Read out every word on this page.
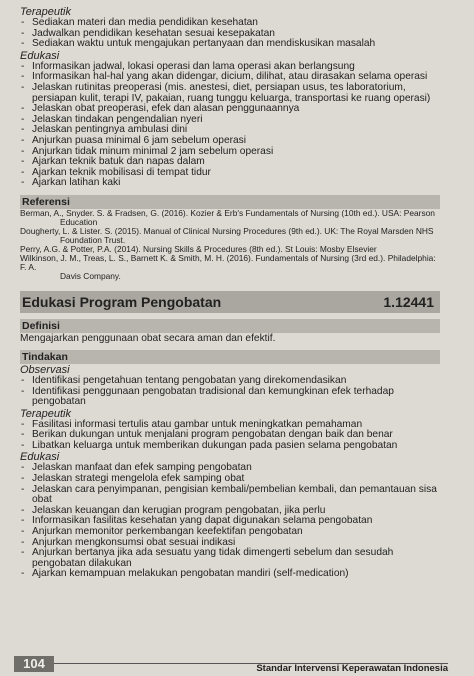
Terapeutik

- Sediakan materi dan media pendidikan kesehatan
- Jadwalkan pendidikan kesehatan sesuai kesepakatan
- Sediakan waktu untuk mengajukan pertanyaan dan mendiskusikan masalah

Edukasi

- Informasikan jadwal, lokasi operasi dan lama operasi akan berlangsung
- Informasikan hal-hal yang akan didengar, dicium, dilihat, atau dirasakan selama operasi
- Jelaskan rutinitas preoperasi (mis. anestesi, diet, persiapan usus, tes laboratorium, persiapan kulit, terapi IV, pakaian, ruang tunggu keluarga, transportasi ke ruang operasi)
- Jelaskan obat preoperasi, efek dan alasan penggunaannya
- Jelaskan tindakan pengendalian nyeri
- Jelaskan pentingnya ambulasi dini
- Anjurkan puasa minimal 6 jam sebelum operasi
- Anjurkan tidak minum minimal 2 jam sebelum operasi
- Ajarkan teknik batuk dan napas dalam
- Ajarkan teknik mobilisasi di tempat tidur
- Ajarkan latihan kaki

Referensi

Berman, A., Snyder. S. & Fradsen, G. (2016). Kozier & Erb's Fundamentals of Nursing (10th ed.). USA: Pearson
Education

Dougherty, L. & Lister. S. (2015). Manual of Clinical Nursing Procedures (9th ed.). UK: The Royal Marsden NHS
Foundation Trust.

Perry, A.G. & Potter, P.A. (2014). Nursing Skills & Procedures (8th ed.). St Louis: Mosby Elsevier

Wilkinson, J. M., Treas, L. S., Barnett K. & Smith, M. H. (2016). Fundamentals of Nursing (3rd ed.). Philadelphia: F. A.
Davis Company.

Edukasi Program Pengobatan	1.12441

Definisi

Mengajarkan penggunaan obat secara aman dan efektif.

Tindakan

Observasi

- Identifikasi pengetahuan tentang pengobatan yang direkomendasikan
- Identifikasi penggunaan pengobatan tradisional dan kemungkinan efek terhadap pengobatan

Terapeutik

- Fasilitasi informasi tertulis atau gambar untuk meningkatkan pemahaman
- Berikan dukungan untuk menjalani program pengobatan dengan baik dan benar
- Libatkan keluarga untuk memberikan dukungan pada pasien selama pengobatan

Edukasi

- Jelaskan manfaat dan efek samping pengobatan
- Jelaskan strategi mengelola efek samping obat
- Jelaskan cara penyimpanan, pengisian kembali/pembelian kembali, dan pemantauan sisa obat
- Jelaskan keuangan dan kerugian program pengobatan, jika perlu
- Informasikan fasilitas kesehatan yang dapat digunakan selama pengobatan
- Anjurkan memonitor perkembangan keefektifan pengobatan
- Anjurkan mengkonsumsi obat sesuai indikasi
- Anjurkan bertanya jika ada sesuatu yang tidak dimengerti sebelum dan sesudah pengobatan dilakukan
- Ajarkan kemampuan melakukan pengobatan mandiri (self-medication)
104	Standar Intervensi Keperawatan Indonesia
